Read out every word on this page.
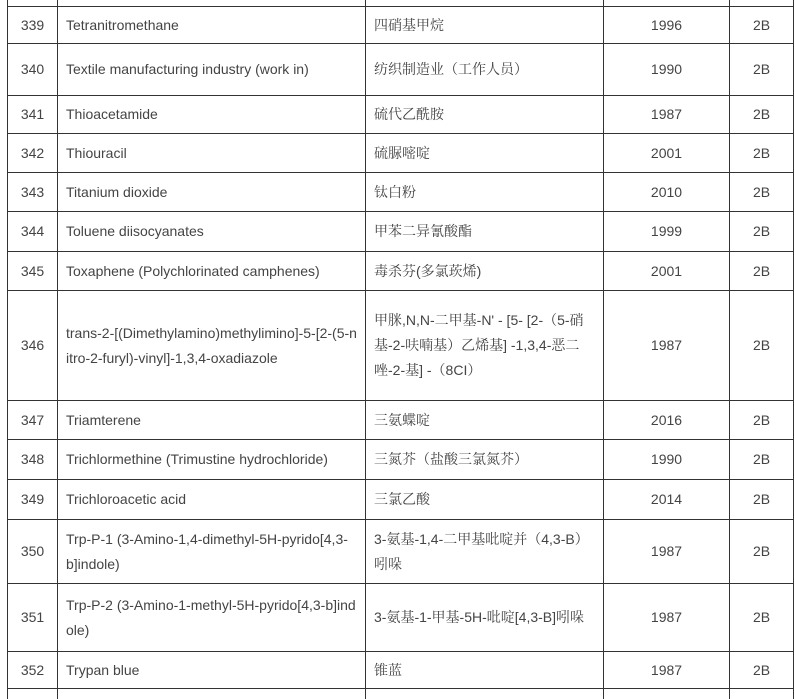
339	Tetranitromethane	四硝基甲烷	1996	2B
340	Textile manufacturing industry (work in)	纺织制造业（工作人员）	1990	2B
341	Thioacetamide	硫代乙酰胺	1987	2B
342	Thiouracil	硫脲嘧啶	2001	2B
343	Titanium dioxide	钛白粉	2010	2B
344	Toluene diisocyanates	甲苯二异氰酸酯	1999	2B
345	Toxaphene (Polychlorinated camphenes)	毒杀芬(多氯莰烯)	2001	2B
346	trans-2-[(Dimethylamino)methylimino]-5-[2-(5-nitro-2-furyl)-vinyl]-1,3,4-oxadiazole	甲脒,N,N-二甲基-N' - [5- [2-（5-硝基-2-呋喃基）乙烯基] -1,3,4-恶二唑-2-基] -（8CI）	1987	2B
347	Triamterene	三氨蝶啶	2016	2B
348	Trichlormethine (Trimustine hydrochloride)	三氮芥（盐酸三氯氮芥）	1990	2B
349	Trichloroacetic acid	三氯乙酸	2014	2B
350	Trp-P-1 (3-Amino-1,4-dimethyl-5H-pyrido[4,3-b]indole)	3-氨基-1,4-二甲基吡啶并（4,3-B）吲哚	1987	2B
351	Trp-P-2 (3-Amino-1-methyl-5H-pyrido[4,3-b]indole)	3-氨基-1-甲基-5H-吡啶[4,3-B]吲哚	1987	2B
352	Trypan blue	锥蓝	1987	2B
